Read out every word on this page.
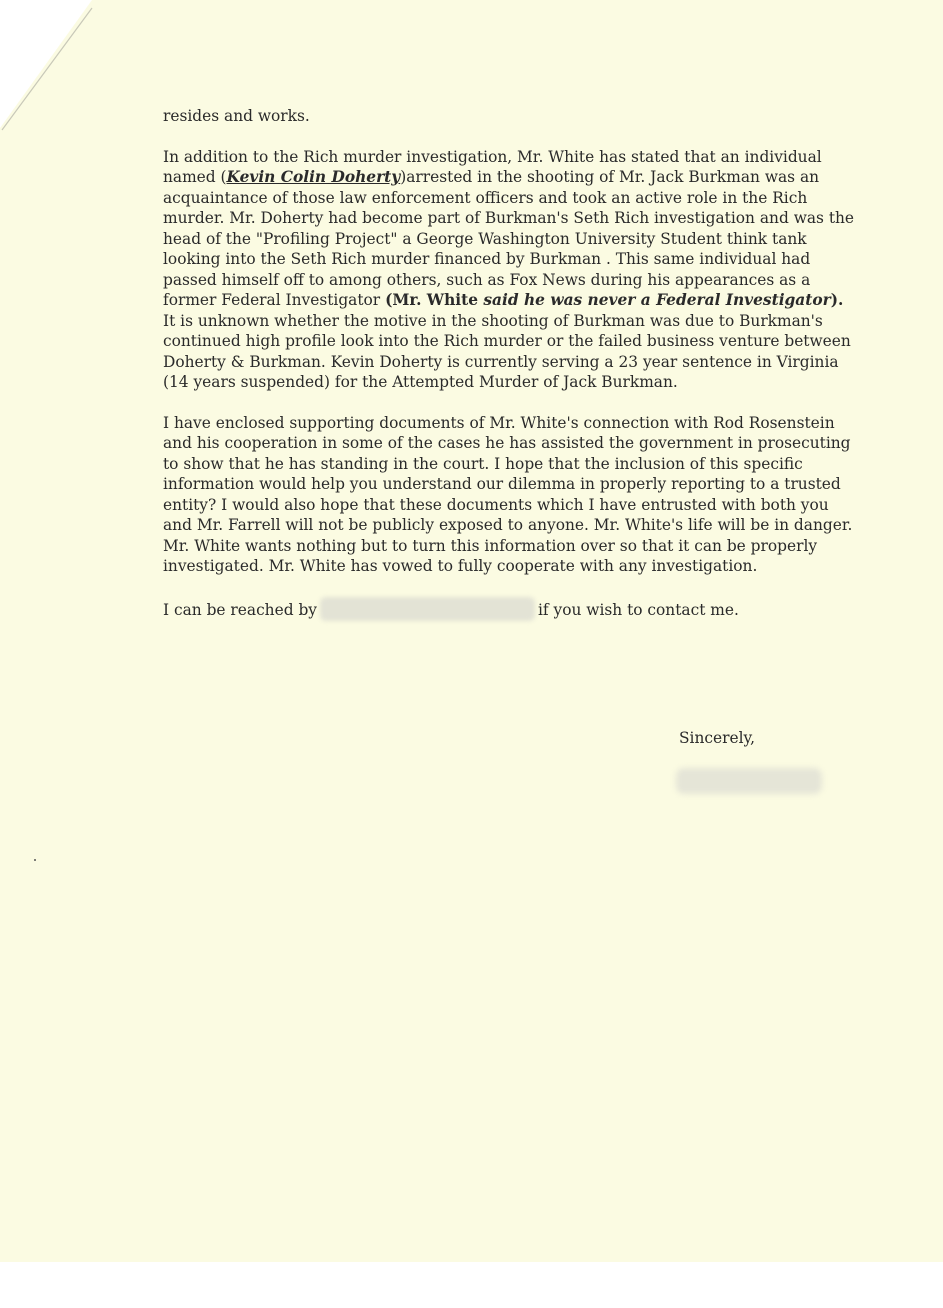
resides and works.

In addition to the Rich murder investigation, Mr. White has stated that an individual named (Kevin Colin Doherty)arrested in the shooting of Mr. Jack Burkman was an acquaintance of those law enforcement officers and took an active role in the Rich murder. Mr. Doherty had become part of Burkman's Seth Rich investigation and was the head of the "Profiling Project" a George Washington University Student think tank looking into the Seth Rich murder financed by Burkman . This same individual had passed himself off to among others, such as Fox News during his appearances as a former Federal Investigator (Mr. White said he was never a Federal Investigator). It is unknown whether the motive in the shooting of Burkman was due to Burkman's continued high profile look into the Rich murder or the failed business venture between Doherty & Burkman. Kevin Doherty is currently serving a 23 year sentence in Virginia (14 years suspended) for the Attempted Murder of Jack Burkman.

I have enclosed supporting documents of Mr. White's connection with Rod Rosenstein and his cooperation in some of the cases he has assisted the government in prosecuting to show that he has standing in the court. I hope that the inclusion of this specific information would help you understand our dilemma in properly reporting to a trusted entity? I would also hope that these documents which I have entrusted with both you and Mr. Farrell will not be publicly exposed to anyone. Mr. White's life will be in danger. Mr. White wants nothing but to turn this information over so that it can be properly investigated. Mr. White has vowed to fully cooperate with any investigation.

I can be reached by	if you wish to contact me.

Sincerely,
